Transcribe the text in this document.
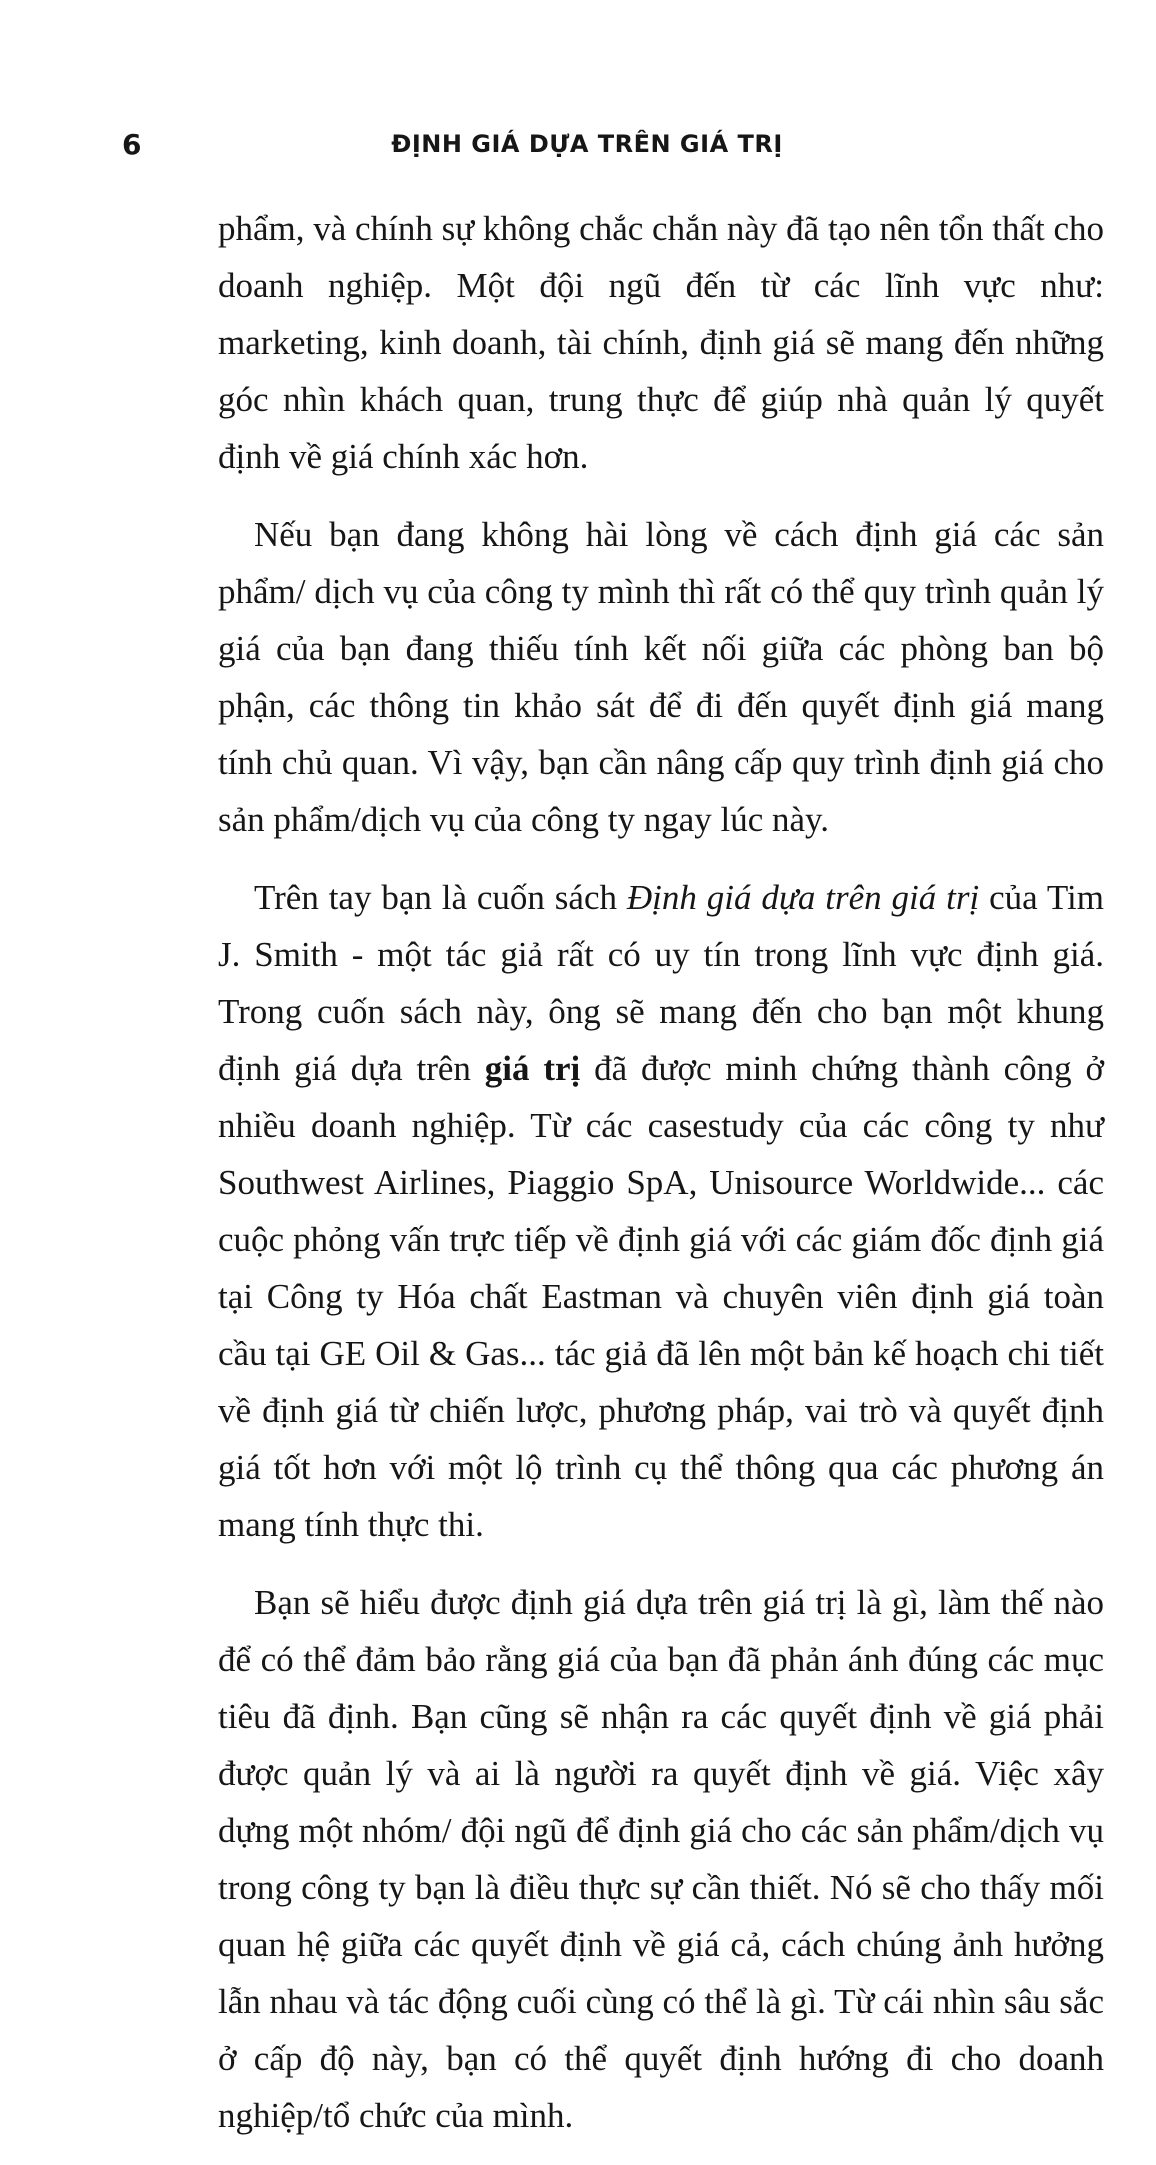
6	ĐỊNH GIÁ DỰA TRÊN GIÁ TRỊ

phẩm, và chính sự không chắc chắn này đã tạo nên tổn thất cho doanh nghiệp. Một đội ngũ đến từ các lĩnh vực như: marketing, kinh doanh, tài chính, định giá sẽ mang đến những góc nhìn khách quan, trung thực để giúp nhà quản lý quyết định về giá chính xác hơn.

Nếu bạn đang không hài lòng về cách định giá các sản phẩm/ dịch vụ của công ty mình thì rất có thể quy trình quản lý giá của bạn đang thiếu tính kết nối giữa các phòng ban bộ phận, các thông tin khảo sát để đi đến quyết định giá mang tính chủ quan. Vì vậy, bạn cần nâng cấp quy trình định giá cho sản phẩm/dịch vụ của công ty ngay lúc này.

Trên tay bạn là cuốn sách Định giá dựa trên giá trị của Tim J. Smith - một tác giả rất có uy tín trong lĩnh vực định giá. Trong cuốn sách này, ông sẽ mang đến cho bạn một khung định giá dựa trên giá trị đã được minh chứng thành công ở nhiều doanh nghiệp. Từ các casestudy của các công ty như Southwest Airlines, Piaggio SpA, Unisource Worldwide... các cuộc phỏng vấn trực tiếp về định giá với các giám đốc định giá tại Công ty Hóa chất Eastman và chuyên viên định giá toàn cầu tại GE Oil & Gas... tác giả đã lên một bản kế hoạch chi tiết về định giá từ chiến lược, phương pháp, vai trò và quyết định giá tốt hơn với một lộ trình cụ thể thông qua các phương án mang tính thực thi.

Bạn sẽ hiểu được định giá dựa trên giá trị là gì, làm thế nào để có thể đảm bảo rằng giá của bạn đã phản ánh đúng các mục tiêu đã định. Bạn cũng sẽ nhận ra các quyết định về giá phải được quản lý và ai là người ra quyết định về giá. Việc xây dựng một nhóm/ đội ngũ để định giá cho các sản phẩm/dịch vụ trong công ty bạn là điều thực sự cần thiết. Nó sẽ cho thấy mối quan hệ giữa các quyết định về giá cả, cách chúng ảnh hưởng lẫn nhau và tác động cuối cùng có thể là gì. Từ cái nhìn sâu sắc ở cấp độ này, bạn có thể quyết định hướng đi cho doanh nghiệp/tổ chức của mình.
